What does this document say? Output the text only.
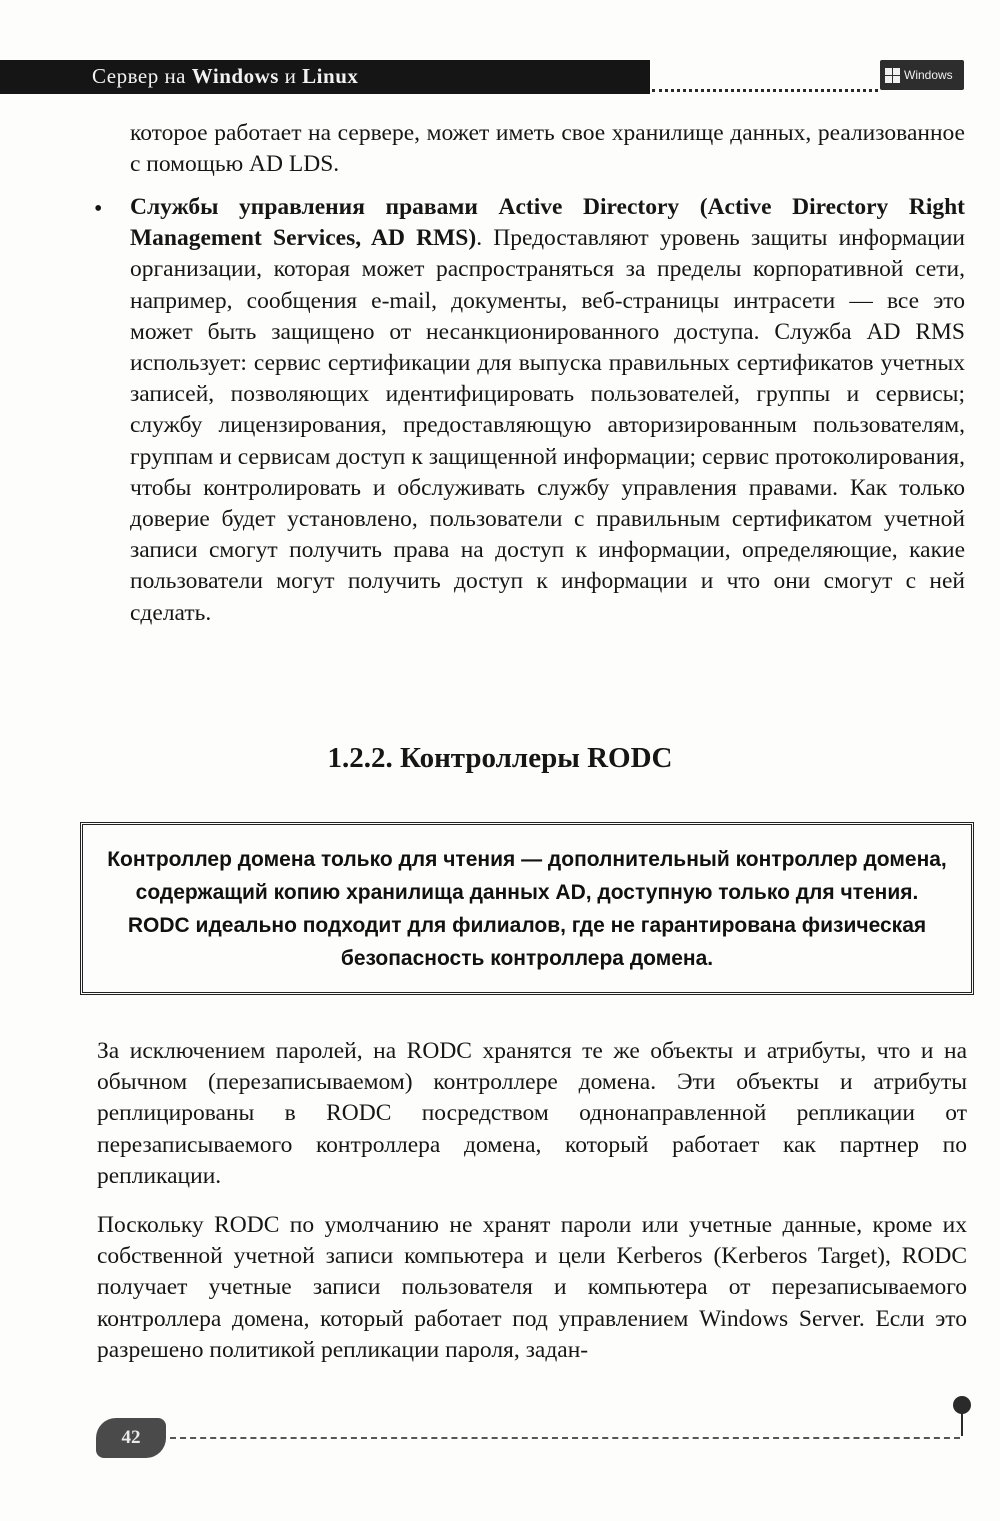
Сервер на Windows и Linux	Windows

которое работает на сервере, может иметь свое хранилище данных, реализованное с помощью AD LDS.

• Службы управления правами Active Directory (Active Directory Right Management Services, AD RMS). Предоставляют уровень защиты информации организации, которая может распространяться за пределы корпоративной сети, например, сообщения e-mail, документы, веб-страницы интрасети — все это может быть защищено от несанкционированного доступа. Служба AD RMS использует: сервис сертификации для выпуска правильных сертификатов учетных записей, позволяющих идентифицировать пользователей, группы и сервисы; службу лицензирования, предоставляющую авторизированным пользователям, группам и сервисам доступ к защищенной информации; сервис протоколирования, чтобы контролировать и обслуживать службу управления правами. Как только доверие будет установлено, пользователи с правильным сертификатом учетной записи смогут получить права на доступ к информации, определяющие, какие пользователи могут получить доступ к информации и что они смогут с ней сделать.

1.2.2. Контроллеры RODC

Контроллер домена только для чтения — дополнительный контроллер домена, содержащий копию хранилища данных AD, доступную только для чтения. RODC идеально подходит для филиалов, где не гарантирована физическая безопасность контроллера домена.

За исключением паролей, на RODC хранятся те же объекты и атрибуты, что и на обычном (перезаписываемом) контроллере домена. Эти объекты и атрибуты реплицированы в RODC посредством однонаправленной репликации от перезаписываемого контроллера домена, который работает как партнер по репликации.

Поскольку RODC по умолчанию не хранят пароли или учетные данные, кроме их собственной учетной записи компьютера и цели Kerberos (Kerberos Target), RODC получает учетные записи пользователя и компьютера от перезаписываемого контроллера домена, который работает под управлением Windows Server. Если это разрешено политикой репликации пароля, задан-

42
